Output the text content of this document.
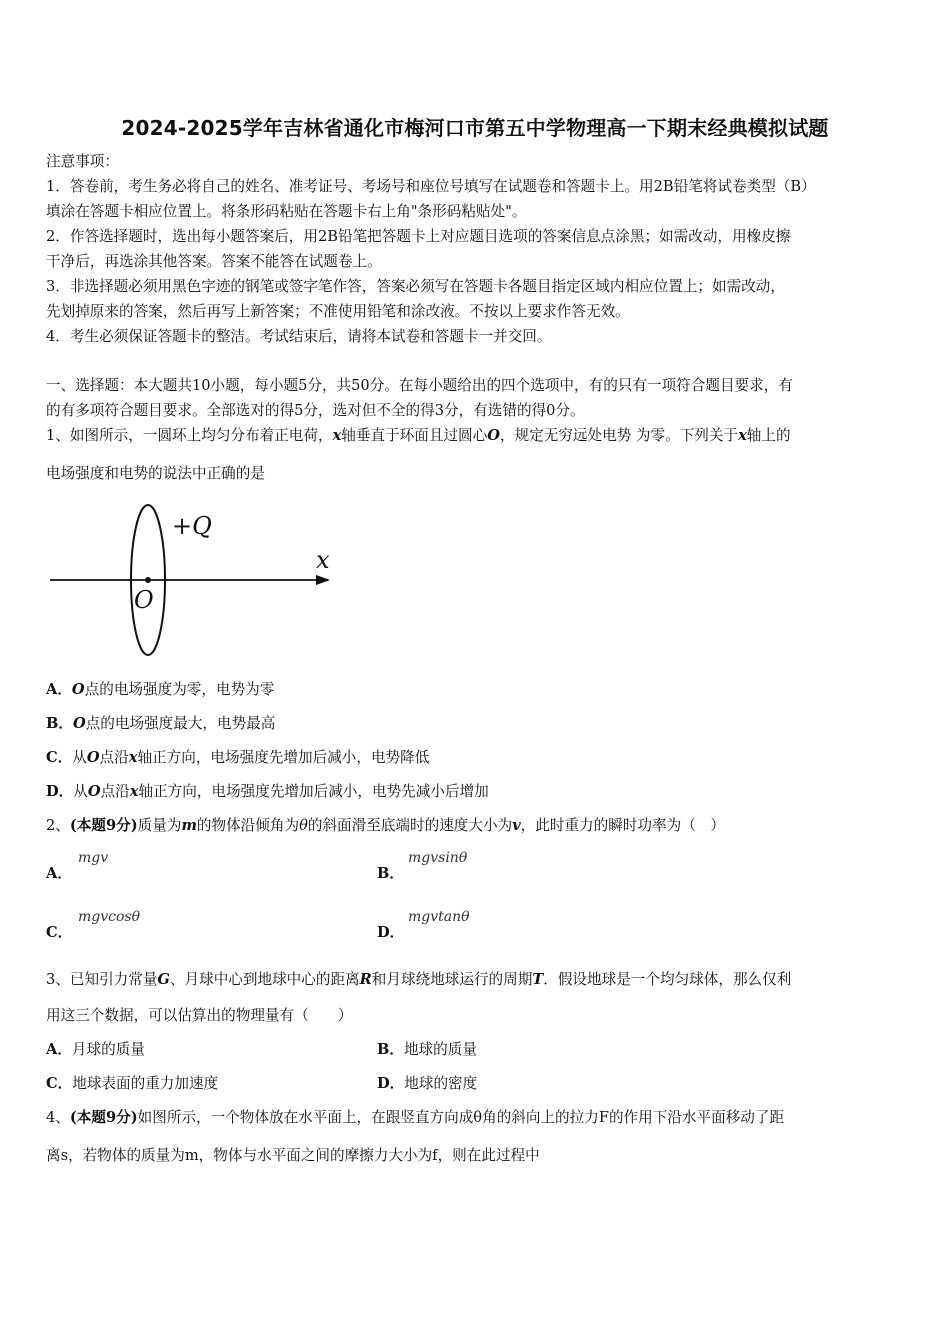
2024-2025学年吉林省通化市梅河口市第五中学物理高一下期末经典模拟试题
注意事项：
1．答卷前，考生务必将自己的姓名、准考证号、考场号和座位号填写在试题卷和答题卡上。用2B铅笔将试卷类型（B）
填涂在答题卡相应位置上。将条形码粘贴在答题卡右上角"条形码粘贴处"。
2．作答选择题时，选出每小题答案后，用2B铅笔把答题卡上对应题目选项的答案信息点涂黑；如需改动，用橡皮擦
干净后，再选涂其他答案。答案不能答在试题卷上。
3．非选择题必须用黑色字迹的钢笔或签字笔作答，答案必须写在答题卡各题目指定区域内相应位置上；如需改动，
先划掉原来的答案，然后再写上新答案；不准使用铅笔和涂改液。不按以上要求作答无效。
4．考生必须保证答题卡的整洁。考试结束后，请将本试卷和答题卡一并交回。
一、选择题：本大题共10小题，每小题5分，共50分。在每小题给出的四个选项中，有的只有一项符合题目要求，有
的有多项符合题目要求。全部选对的得5分，选对但不全的得3分，有选错的得0分。
1、如图所示，一圆环上均匀分布着正电荷，x轴垂直于环面且过圆心O，规定无穷远处电势 为零。下列关于x轴上的
电场强度和电势的说法中正确的是
+Q
x
O
A．O点的电场强度为零，电势为零
B．O点的电场强度最大，电势最高
C．从O点沿x轴正方向，电场强度先增加后减小，电势降低
D．从O点沿x轴正方向，电场强度先增加后减小，电势先减小后增加
2、(本题9分)质量为m的物体沿倾角为θ的斜面滑至底端时的速度大小为v，此时重力的瞬时功率为（　）
A．
mgv
B．
mgvsinθ
C．
mgvcosθ
D．
mgvtanθ
3、已知引力常量G、月球中心到地球中心的距离R和月球绕地球运行的周期T．假设地球是一个均匀球体，那么仅利
用这三个数据，可以估算出的物理量有（　　）
A．月球的质量	B．地球的质量
C．地球表面的重力加速度	D．地球的密度
4、(本题9分)如图所示，一个物体放在水平面上，在跟竖直方向成θ角的斜向上的拉力F的作用下沿水平面移动了距
离s，若物体的质量为m，物体与水平面之间的摩擦力大小为f，则在此过程中
